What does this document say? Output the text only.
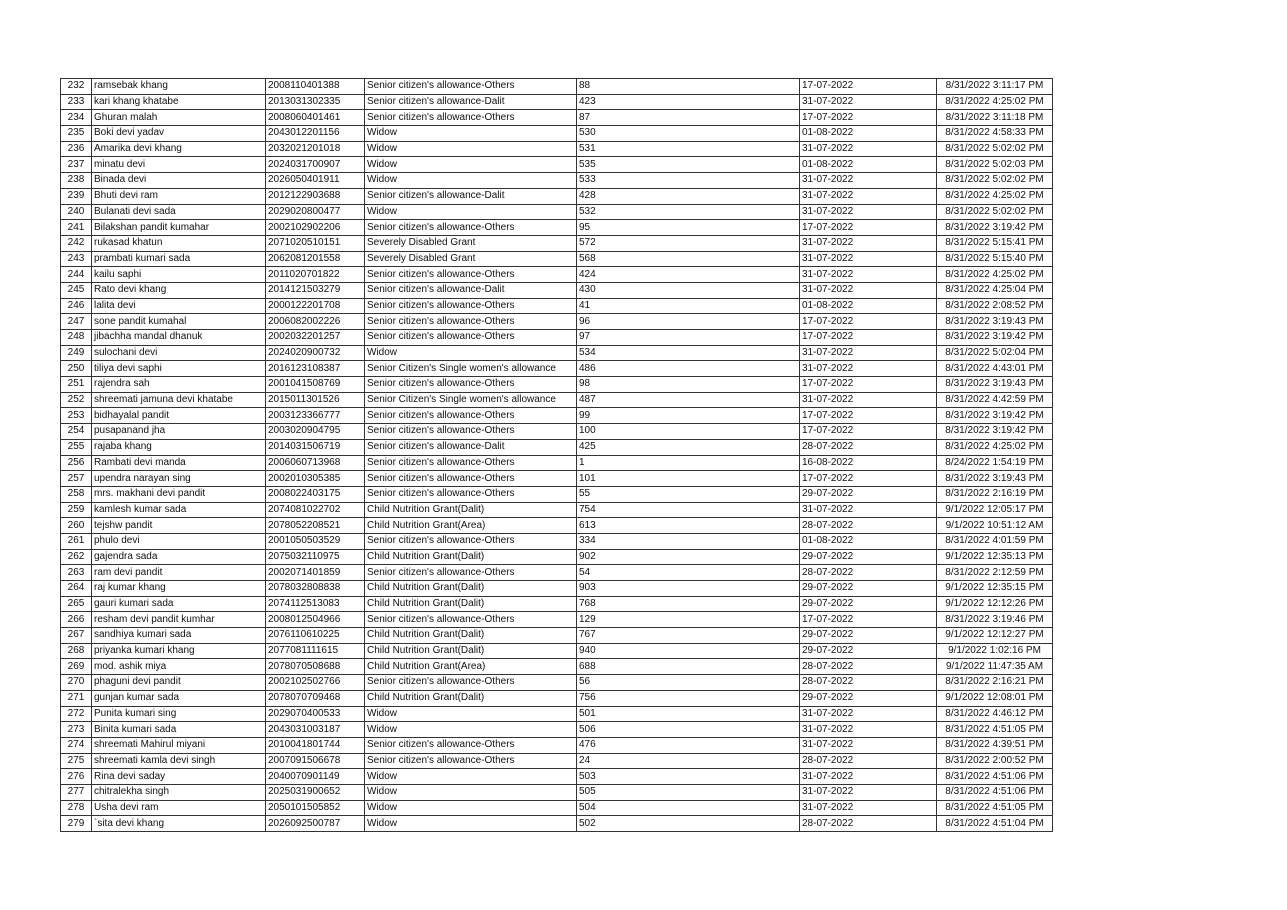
232	ramsebak khang	2008110401388	Senior citizen's allowance-Others	88	17-07-2022	8/31/2022 3:11:17 PM
233	kari khang khatabe	2013031302335	Senior citizen's allowance-Dalit	423	31-07-2022	8/31/2022 4:25:02 PM
234	Ghuran malah	2008060401461	Senior citizen's allowance-Others	87	17-07-2022	8/31/2022 3:11:18 PM
235	Boki devi yadav	2043012201156	Widow	530	01-08-2022	8/31/2022 4:58:33 PM
236	Amarika devi khang	2032021201018	Widow	531	31-07-2022	8/31/2022 5:02:02 PM
237	minatu devi	2024031700907	Widow	535	01-08-2022	8/31/2022 5:02:03 PM
238	Binada devi	2026050401911	Widow	533	31-07-2022	8/31/2022 5:02:02 PM
239	Bhuti devi ram	2012122903688	Senior citizen's allowance-Dalit	428	31-07-2022	8/31/2022 4:25:02 PM
240	Bulanati devi sada	2029020800477	Widow	532	31-07-2022	8/31/2022 5:02:02 PM
241	Bilakshan pandit kumahar	2002102902206	Senior citizen's allowance-Others	95	17-07-2022	8/31/2022 3:19:42 PM
242	rukasad khatun	2071020510151	Severely Disabled Grant	572	31-07-2022	8/31/2022 5:15:41 PM
243	prambati kumari sada	2062081201558	Severely Disabled Grant	568	31-07-2022	8/31/2022 5:15:40 PM
244	kailu saphi	2011020701822	Senior citizen's allowance-Others	424	31-07-2022	8/31/2022 4:25:02 PM
245	Rato devi khang	2014121503279	Senior citizen's allowance-Dalit	430	31-07-2022	8/31/2022 4:25:04 PM
246	lalita devi	2000122201708	Senior citizen's allowance-Others	41	01-08-2022	8/31/2022 2:08:52 PM
247	sone pandit kumahal	2006082002226	Senior citizen's allowance-Others	96	17-07-2022	8/31/2022 3:19:43 PM
248	jibachha mandal dhanuk	2002032201257	Senior citizen's allowance-Others	97	17-07-2022	8/31/2022 3:19:42 PM
249	sulochani devi	2024020900732	Widow	534	31-07-2022	8/31/2022 5:02:04 PM
250	tiliya devi saphi	2016123108387	Senior Citizen's Single women's allowance	486	31-07-2022	8/31/2022 4:43:01 PM
251	rajendra sah	2001041508769	Senior citizen's allowance-Others	98	17-07-2022	8/31/2022 3:19:43 PM
252	shreemati jamuna devi khatabe	2015011301526	Senior Citizen's Single women's allowance	487	31-07-2022	8/31/2022 4:42:59 PM
253	bidhayalal pandit	2003123366777	Senior citizen's allowance-Others	99	17-07-2022	8/31/2022 3:19:42 PM
254	pusapanand jha	2003020904795	Senior citizen's allowance-Others	100	17-07-2022	8/31/2022 3:19:42 PM
255	rajaba khang	2014031506719	Senior citizen's allowance-Dalit	425	28-07-2022	8/31/2022 4:25:02 PM
256	Rambati devi manda	2006060713968	Senior citizen's allowance-Others	1	16-08-2022	8/24/2022 1:54:19 PM
257	upendra narayan sing	2002010305385	Senior citizen's allowance-Others	101	17-07-2022	8/31/2022 3:19:43 PM
258	mrs. makhani devi pandit	2008022403175	Senior citizen's allowance-Others	55	29-07-2022	8/31/2022 2:16:19 PM
259	kamlesh kumar sada	2074081022702	Child Nutrition Grant(Dalit)	754	31-07-2022	9/1/2022 12:05:17 PM
260	tejshw pandit	2078052208521	Child Nutrition Grant(Area)	613	28-07-2022	9/1/2022 10:51:12 AM
261	phulo devi	2001050503529	Senior citizen's allowance-Others	334	01-08-2022	8/31/2022 4:01:59 PM
262	gajendra sada	2075032110975	Child Nutrition Grant(Dalit)	902	29-07-2022	9/1/2022 12:35:13 PM
263	ram devi pandit	2002071401859	Senior citizen's allowance-Others	54	28-07-2022	8/31/2022 2:12:59 PM
264	raj kumar khang	2078032808838	Child Nutrition Grant(Dalit)	903	29-07-2022	9/1/2022 12:35:15 PM
265	gauri kumari sada	2074112513083	Child Nutrition Grant(Dalit)	768	29-07-2022	9/1/2022 12:12:26 PM
266	resham devi pandit kumhar	2008012504966	Senior citizen's allowance-Others	129	17-07-2022	8/31/2022 3:19:46 PM
267	sandhiya kumari sada	2076110610225	Child Nutrition Grant(Dalit)	767	29-07-2022	9/1/2022 12:12:27 PM
268	priyanka kumari khang	2077081111615	Child Nutrition Grant(Dalit)	940	29-07-2022	9/1/2022 1:02:16 PM
269	mod. ashik miya	2078070508688	Child Nutrition Grant(Area)	688	28-07-2022	9/1/2022 11:47:35 AM
270	phaguni devi pandit	2002102502766	Senior citizen's allowance-Others	56	28-07-2022	8/31/2022 2:16:21 PM
271	gunjan kumar sada	2078070709468	Child Nutrition Grant(Dalit)	756	29-07-2022	9/1/2022 12:08:01 PM
272	Punita kumari sing	2029070400533	Widow	501	31-07-2022	8/31/2022 4:46:12 PM
273	Binita kumari sada	2043031003187	Widow	506	31-07-2022	8/31/2022 4:51:05 PM
274	shreemati Mahirul miyani	2010041801744	Senior citizen's allowance-Others	476	31-07-2022	8/31/2022 4:39:51 PM
275	shreemati kamla devi singh	2007091506678	Senior citizen's allowance-Others	24	28-07-2022	8/31/2022 2:00:52 PM
276	Rina devi saday	2040070901149	Widow	503	31-07-2022	8/31/2022 4:51:06 PM
277	chitralekha singh	2025031900652	Widow	505	31-07-2022	8/31/2022 4:51:06 PM
278	Usha devi ram	2050101505852	Widow	504	31-07-2022	8/31/2022 4:51:05 PM
279	`sita devi khang	2026092500787	Widow	502	28-07-2022	8/31/2022 4:51:04 PM
